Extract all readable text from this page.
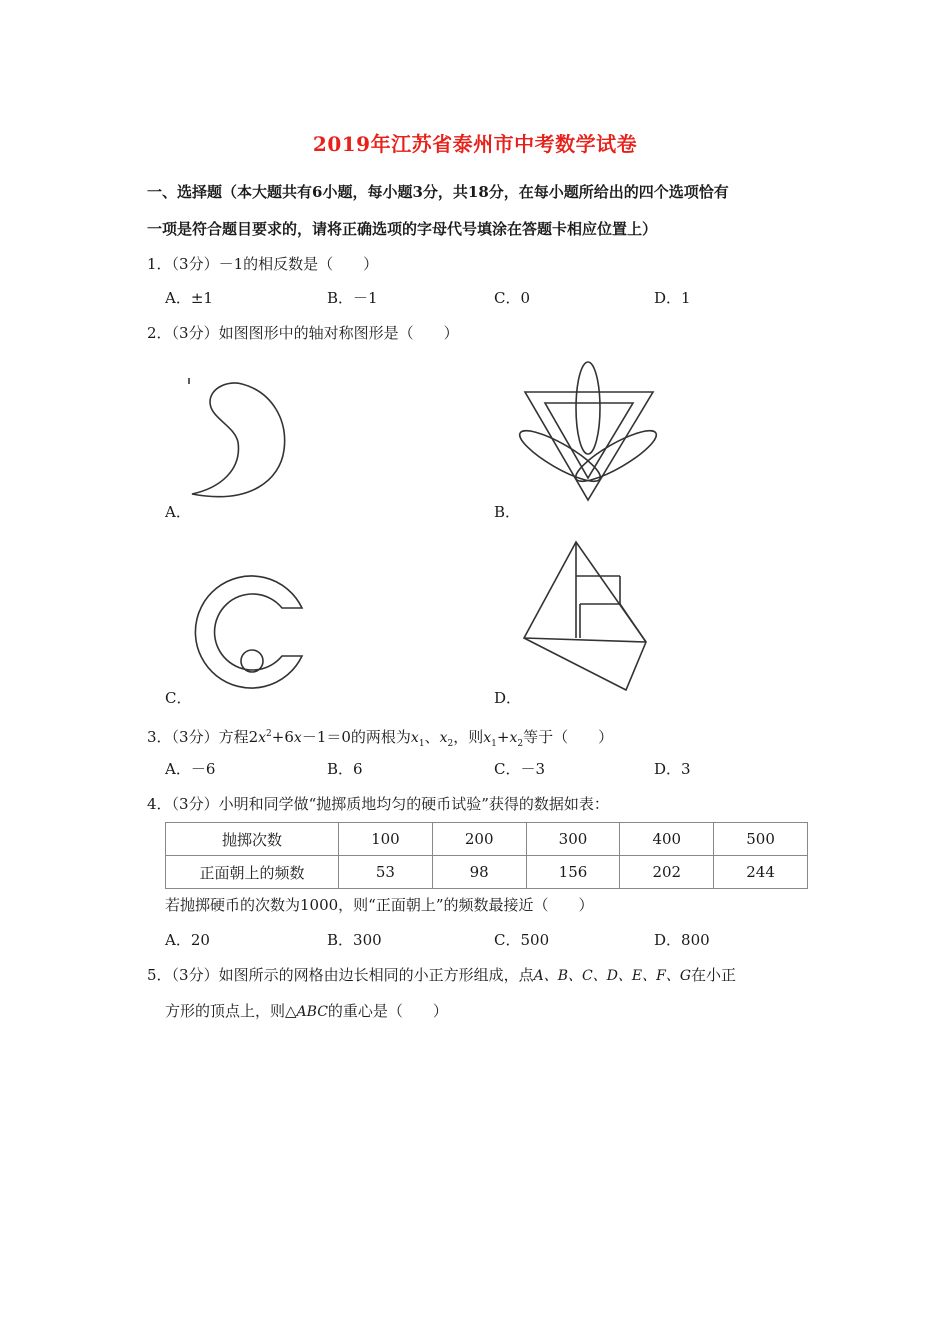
2019年江苏省泰州市中考数学试卷
一、选择题（本大题共有6小题，每小题3分，共18分，在每小题所给出的四个选项恰有
一项是符合题目要求的，请将正确选项的字母代号填涂在答题卡相应位置上）
1．（3分）－1的相反数是（　　）
A．±1	B．－1	C．0	D．1
2．（3分）如图图形中的轴对称图形是（　　）
A．	B．
C．	D．
3．（3分）方程$2x^2+6x-1=0$的两根为$x_1$、$x_2$，则$x_1+x_2$等于（　　）
A．－6	B．6	C．－3	D．3
4．（3分）小明和同学做“抛掷质地均匀的硬币试验”获得的数据如表：
抛掷次数	100	200	300	400	500
正面朝上的频数	53	98	156	202	244
若抛掷硬币的次数为1000，则“正面朝上”的频数最接近（　　）
A．20	B．300	C．500	D．800
5．（3分）如图所示的网格由边长相同的小正方形组成，点A、B、C、D、E、F、G在小正
方形的顶点上，则△ABC的重心是（　　）
